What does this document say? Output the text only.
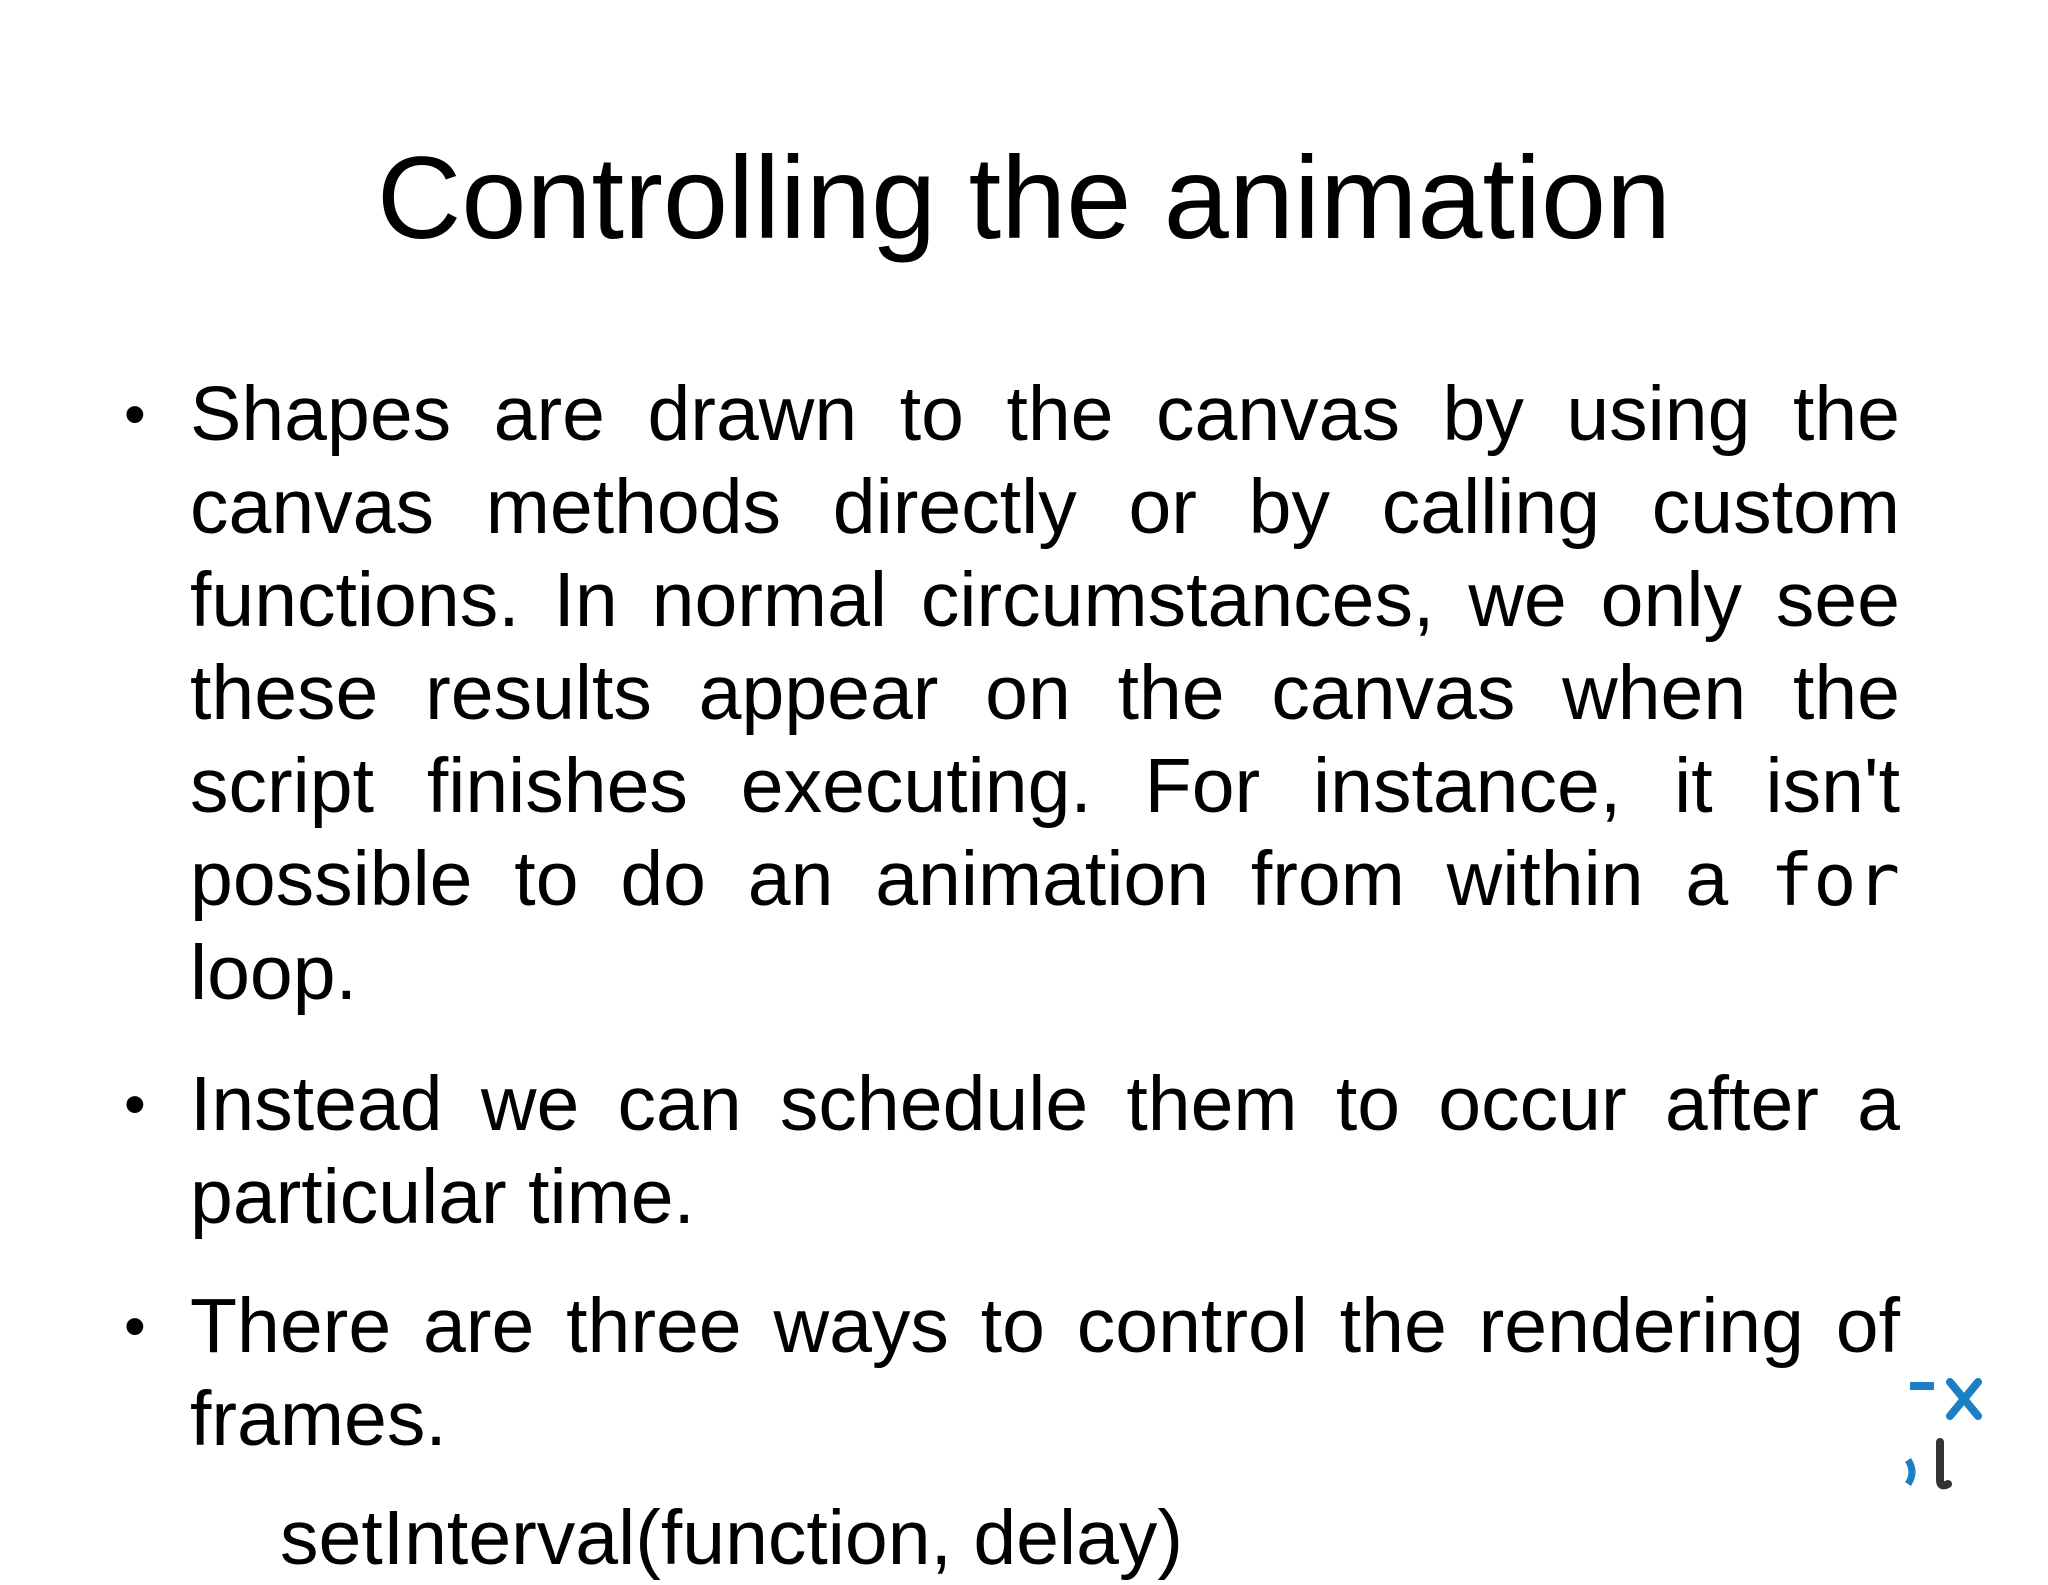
Controlling the animation
• Shapes are drawn to the canvas by using the canvas methods directly or by calling custom functions. In normal circumstances, we only see these results appear on the canvas when the script finishes executing. For instance, it isn't possible to do an animation from within a for loop.
• Instead we can schedule them to occur after a particular time.
• There are three ways to control the rendering of frames.
setInterval(function, delay)
